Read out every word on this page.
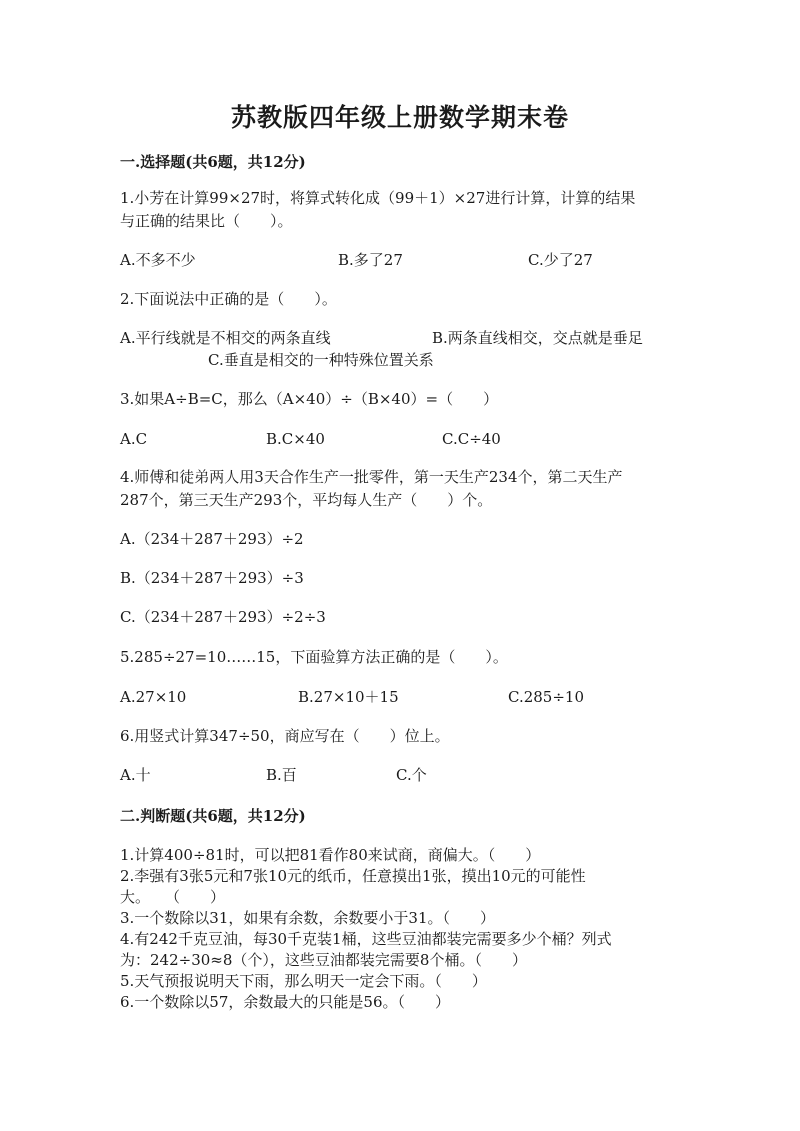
苏教版四年级上册数学期末卷
一.选择题(共6题，共12分)
1.小芳在计算99×27时，将算式转化成（99＋1）×27进行计算，计算的结果
与正确的结果比（　　）。
A.不多不少	B.多了27	C.少了27
2.下面说法中正确的是（　　）。
A.平行线就是不相交的两条直线	B.两条直线相交，交点就是垂足
C.垂直是相交的一种特殊位置关系
3.如果A÷B=C，那么（A×40）÷（B×40）=（　　）
A.C	B.C×40	C.C÷40
4.师傅和徒弟两人用3天合作生产一批零件，第一天生产234个，第二天生产
287个，第三天生产293个，平均每人生产（　　）个。
A.（234＋287＋293）÷2
B.（234＋287＋293）÷3
C.（234＋287＋293）÷2÷3
5.285÷27=10……15，下面验算方法正确的是（　　）。
A.27×10	B.27×10＋15	C.285÷10
6.用竖式计算347÷50，商应写在（　　）位上。
A.十	B.百	C.个
二.判断题(共6题，共12分)
1.计算400÷81时，可以把81看作80来试商，商偏大。（　　）
2.李强有3张5元和7张10元的纸币，任意摸出1张，摸出10元的可能性
大。　　（　　）
3.一个数除以31，如果有余数，余数要小于31。（　　）
4.有242千克豆油，每30千克装1桶，这些豆油都装完需要多少个桶？列式
为：242÷30≈8（个），这些豆油都装完需要8个桶。（　　）
5.天气预报说明天下雨，那么明天一定会下雨。（　　）
6.一个数除以57，余数最大的只能是56。（　　）
